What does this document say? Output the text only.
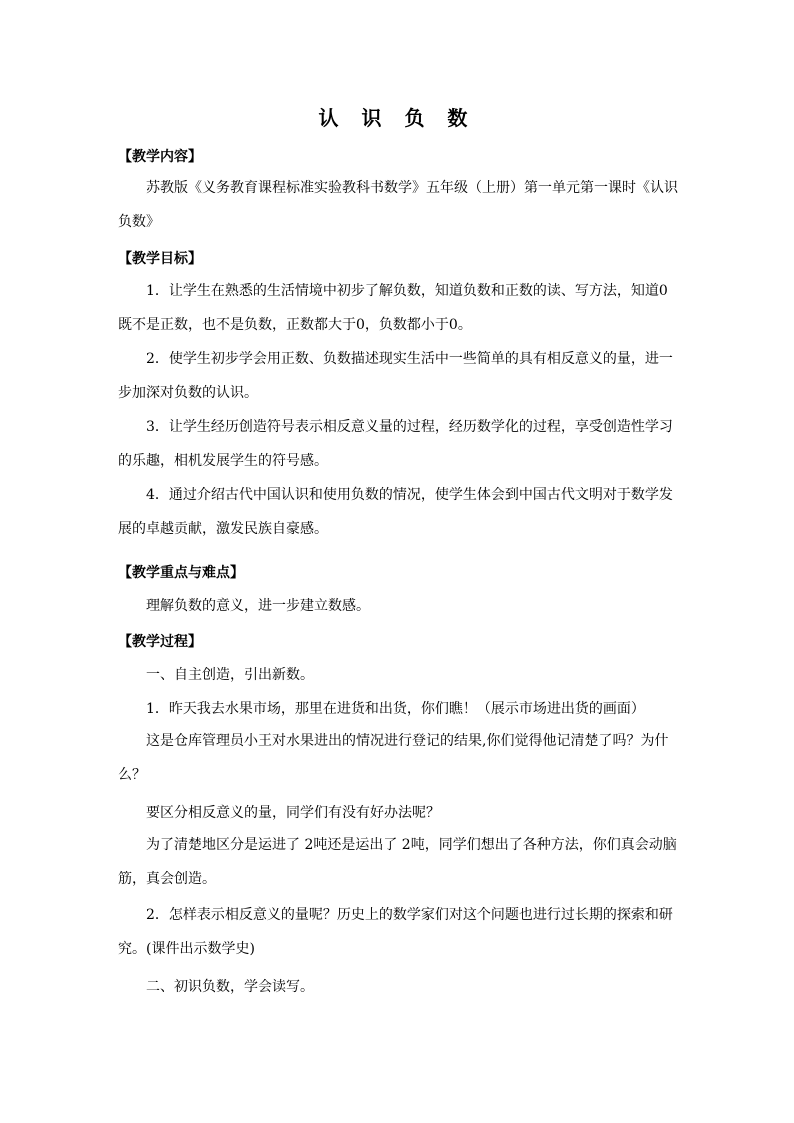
认 识 负 数
【教学内容】
苏教版《义务教育课程标准实验教科书数学》五年级（上册）第一单元第一课时《认识
负数》
【教学目标】
1．让学生在熟悉的生活情境中初步了解负数，知道负数和正数的读、写方法，知道0
既不是正数，也不是负数，正数都大于0，负数都小于0。
2．使学生初步学会用正数、负数描述现实生活中一些简单的具有相反意义的量，进一
步加深对负数的认识。
3．让学生经历创造符号表示相反意义量的过程，经历数学化的过程，享受创造性学习
的乐趣，相机发展学生的符号感。
4．通过介绍古代中国认识和使用负数的情况，使学生体会到中国古代文明对于数学发
展的卓越贡献，激发民族自豪感。
【教学重点与难点】
理解负数的意义，进一步建立数感。
【教学过程】
一、自主创造，引出新数。
1．昨天我去水果市场，那里在进货和出货，你们瞧！（展示市场进出货的画面）
这是仓库管理员小王对水果进出的情况进行登记的结果,你们觉得他记清楚了吗？为什
么？
要区分相反意义的量，同学们有没有好办法呢？
为了清楚地区分是运进了 2吨还是运出了 2吨，同学们想出了各种方法，你们真会动脑
筋，真会创造。
2．怎样表示相反意义的量呢？历史上的数学家们对这个问题也进行过长期的探索和研
究。(课件出示数学史)
二、初识负数，学会读写。
